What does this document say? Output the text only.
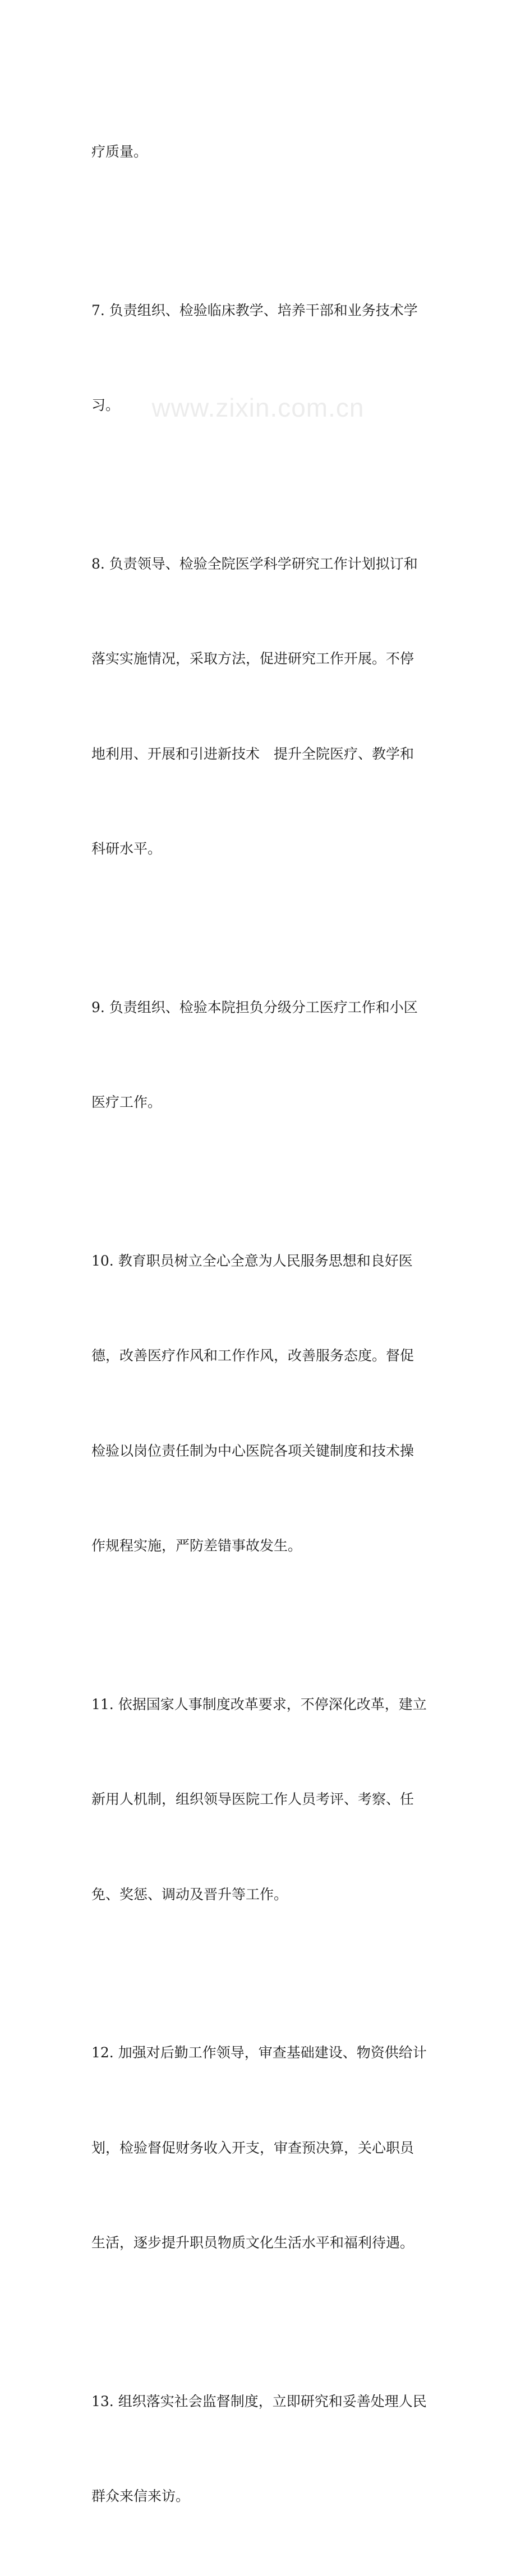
疗质量。

7. 负责组织、检验临床教学、培养干部和业务技术学

习。

8. 负责领导、检验全院医学科学研究工作计划拟订和

落实实施情况，采取方法，促进研究工作开展。不停

地利用、开展和引进新技术　提升全院医疗、教学和

科研水平。

9. 负责组织、检验本院担负分级分工医疗工作和小区

医疗工作。

10. 教育职员树立全心全意为人民服务思想和良好医

德，改善医疗作风和工作作风，改善服务态度。督促

检验以岗位责任制为中心医院各项关键制度和技术操

作规程实施，严防差错事故发生。

11. 依据国家人事制度改革要求，不停深化改革，建立

新用人机制，组织领导医院工作人员考评、考察、任

免、奖惩、调动及晋升等工作。

12. 加强对后勤工作领导，审查基础建设、物资供给计

划，检验督促财务收入开支，审查预决算，关心职员

生活，逐步提升职员物质文化生活水平和福利待遇。

13. 组织落实社会监督制度，立即研究和妥善处理人民

群众来信来访。

www.zixin.com.cn
